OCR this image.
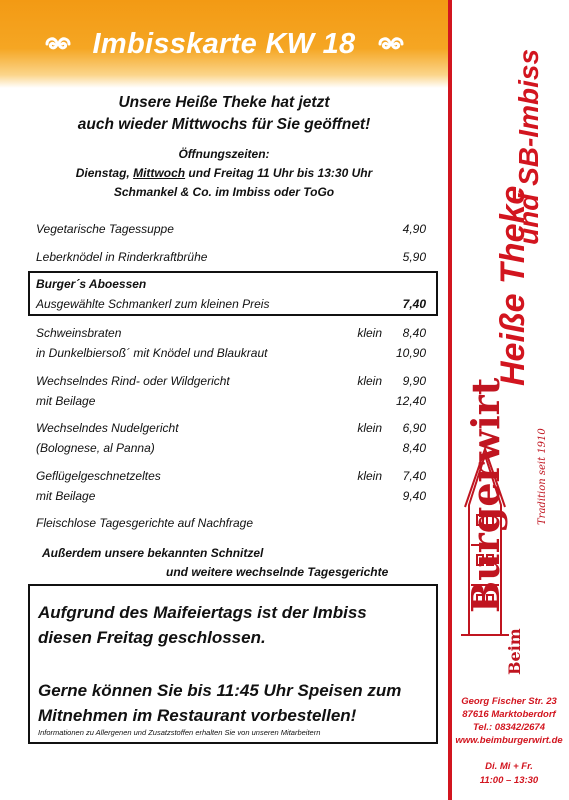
Imbisskarte KW 18
Heiße Theke
und SB-Imbiss
Burgerwirt
Beim
Tradition seit 1910
Georg Fischer Str. 23
87616 Marktoberdorf
Tel.: 08342/2674
www.beimburgerwirt.de
Di. Mi + Fr.
11:00 – 13:30
Unsere Heiße Theke hat jetzt
auch wieder Mittwochs für Sie geöffnet!
Öffnungszeiten:
Dienstag, Mittwoch und Freitag 11 Uhr bis 13:30 Uhr
Schmankel & Co. im Imbiss oder ToGo
Vegetarische Tagessuppe	4,90
Leberknödel in Rinderkraftbrühe	5,90
Burger´s Aboessen
Ausgewählte Schmankerl zum kleinen Preis	7,40
Schweinsbraten	klein 8,40
in Dunkelbiersoß´ mit Knödel und Blaukraut	10,90
Wechselndes Rind- oder Wildgericht	klein 9,90
mit Beilage	12,40
Wechselndes Nudelgericht	klein 6,90
(Bolognese, al Panna)	8,40
Geflügelgeschnetzeltes	klein 7,40
mit Beilage	9,40
Fleischlose Tagesgerichte auf Nachfrage
Außerdem unsere bekannten Schnitzel
und weitere wechselnde Tagesgerichte
Aufgrund des Maifeiertags ist der Imbiss
diesen Freitag geschlossen.
Gerne können Sie bis 11:45 Uhr Speisen zum
Mitnehmen im Restaurant vorbestellen!
Informationen zu Allergenen und Zusatzstoffen erhalten Sie von unseren Mitarbeitern
